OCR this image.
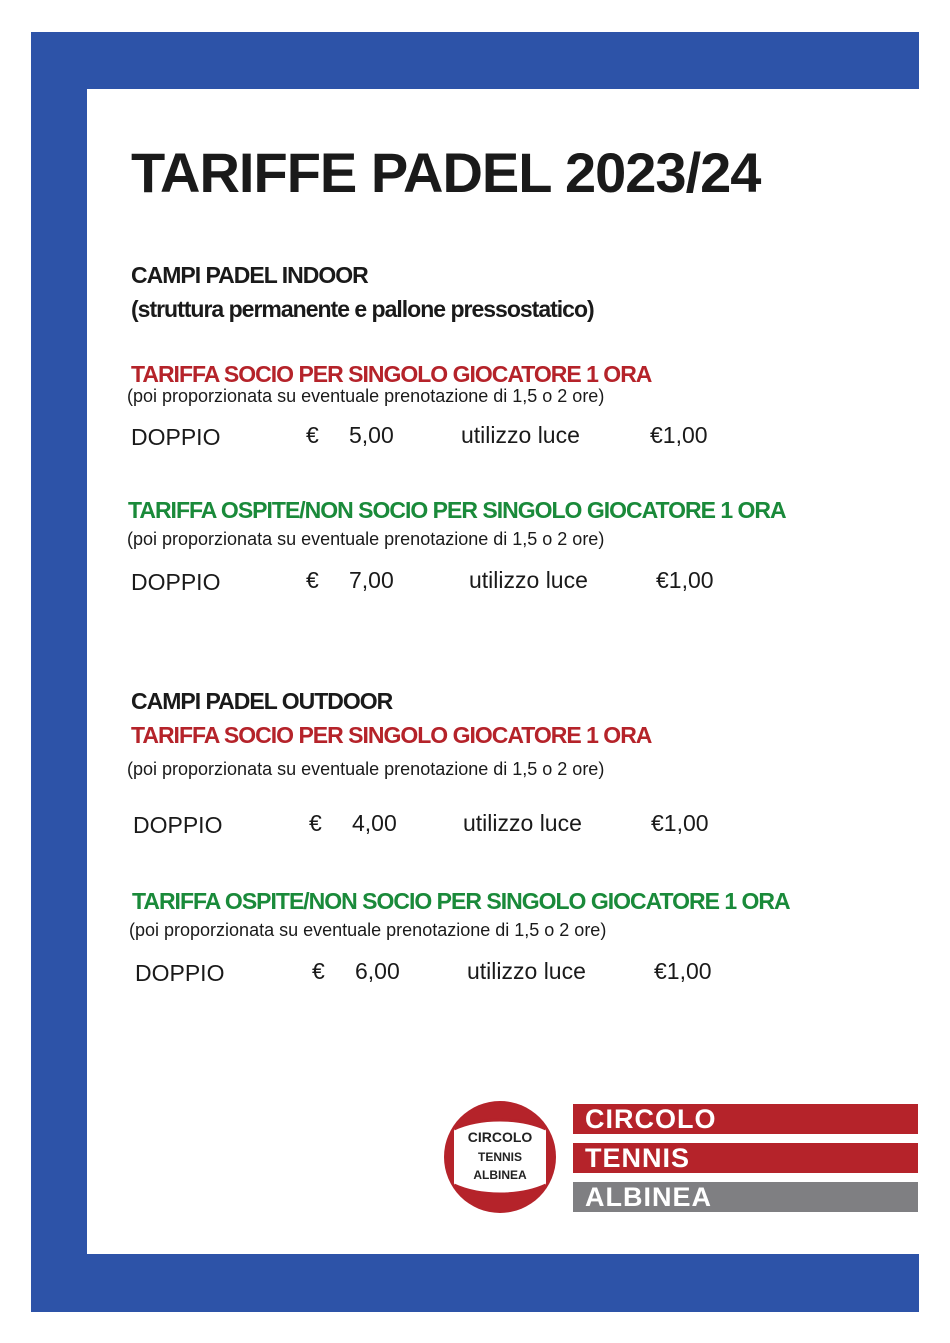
TARIFFE PADEL 2023/24
CAMPI PADEL INDOOR
(struttura permanente e pallone pressostatico)
TARIFFA SOCIO PER SINGOLO GIOCATORE 1 ORA
(poi proporzionata su eventuale prenotazione di 1,5 o 2 ore)
DOPPIO	€ 5,00	utilizzo luce	€1,00
TARIFFA OSPITE/NON SOCIO PER SINGOLO GIOCATORE 1 ORA
(poi proporzionata su eventuale prenotazione di 1,5 o 2 ore)
DOPPIO	€ 7,00	utilizzo luce	€1,00
CAMPI PADEL OUTDOOR
TARIFFA SOCIO PER SINGOLO GIOCATORE 1 ORA
(poi proporzionata su eventuale prenotazione di 1,5 o 2 ore)
DOPPIO	€ 4,00	utilizzo luce	€1,00
TARIFFA OSPITE/NON SOCIO PER SINGOLO GIOCATORE 1 ORA
(poi proporzionata su eventuale prenotazione di 1,5 o 2 ore)
DOPPIO	€ 6,00	utilizzo luce	€1,00
CIRCOLO
TENNIS
ALBINEA
CIRCOLO
TENNIS
ALBINEA
